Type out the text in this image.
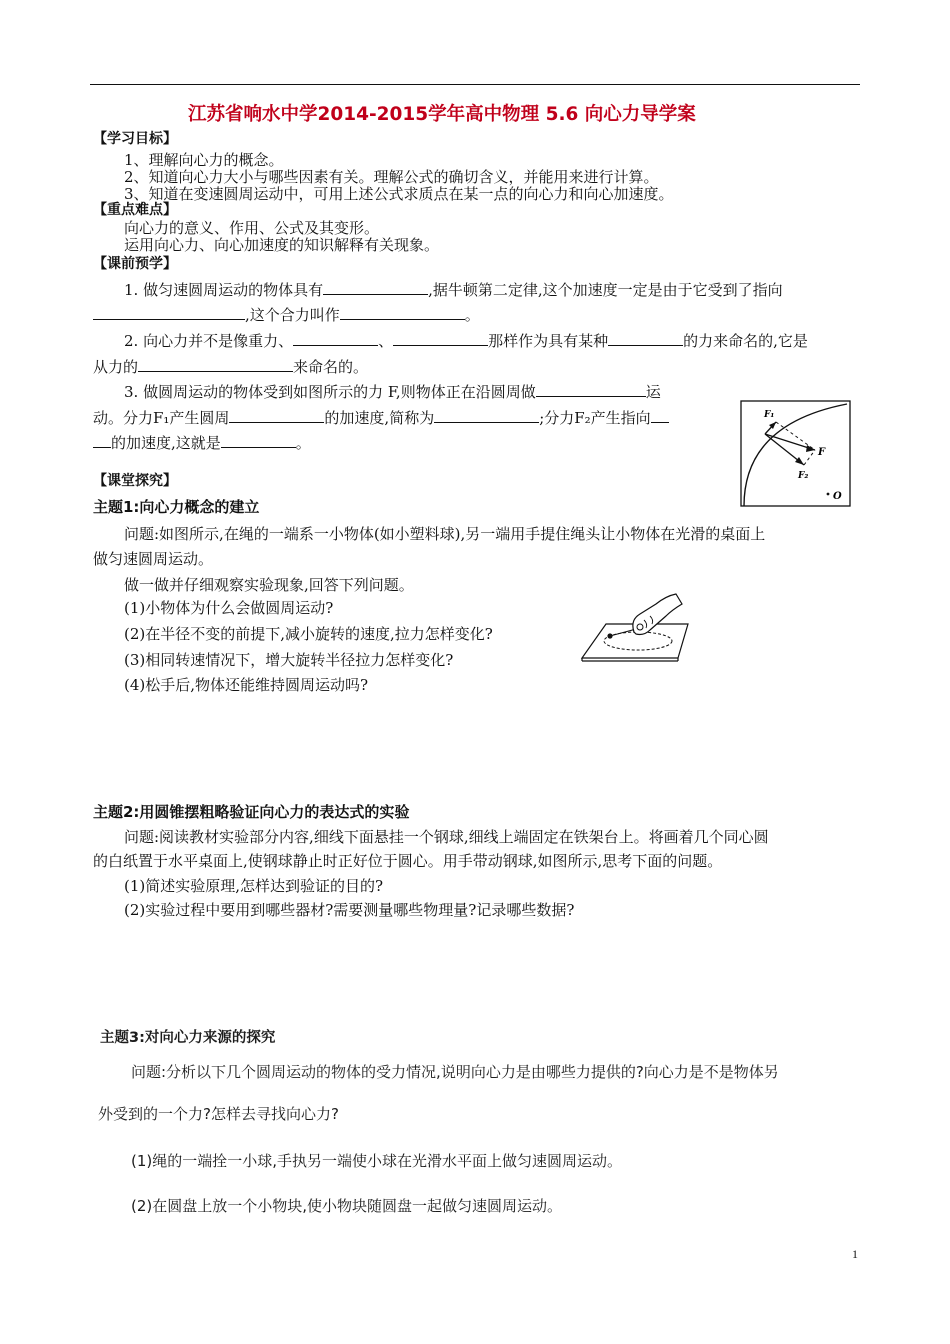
江苏省响水中学2014-2015学年高中物理 5.6 向心力导学案
【学习目标】
1、理解向心力的概念。
2、知道向心力大小与哪些因素有关。理解公式的确切含义，并能用来进行计算。
3、知道在变速圆周运动中，可用上述公式求质点在某一点的向心力和向心加速度。
【重点难点】
向心力的意义、作用、公式及其变形。
运用向心力、向心加速度的知识解释有关现象。
【课前预学】
1. 做匀速圆周运动的物体具有	,据牛顿第二定律,这个加速度一定是由于它受到了指向
,这个合力叫作	。
2. 向心力并不是像重力、	、	那样作为具有某种	的力来命名的,它是
从力的	来命名的。
3. 做圆周运动的物体受到如图所示的力 F,则物体正在沿圆周做	运
动。分力F₁产生圆周	的加速度,简称为	;分力F₂产生指向
的加速度,这就是	。
F₁
F
F₂
O
【课堂探究】
主题1:向心力概念的建立
问题:如图所示,在绳的一端系一小物体(如小塑料球),另一端用手提住绳头让小物体在光滑的桌面上
做匀速圆周运动。
做一做并仔细观察实验现象,回答下列问题。
(1)小物体为什么会做圆周运动?
(2)在半径不变的前提下,减小旋转的速度,拉力怎样变化?
(3)相同转速情况下，增大旋转半径拉力怎样变化?
(4)松手后,物体还能维持圆周运动吗?
主题2:用圆锥摆粗略验证向心力的表达式的实验
问题:阅读教材实验部分内容,细线下面悬挂一个钢球,细线上端固定在铁架台上。将画着几个同心圆
的白纸置于水平桌面上,使钢球静止时正好位于圆心。用手带动钢球,如图所示,思考下面的问题。
(1)简述实验原理,怎样达到验证的目的?
(2)实验过程中要用到哪些器材?需要测量哪些物理量?记录哪些数据?
主题3:对向心力来源的探究
问题:分析以下几个圆周运动的物体的受力情况,说明向心力是由哪些力提供的?向心力是不是物体另
外受到的一个力?怎样去寻找向心力?
(1)绳的一端拴一小球,手执另一端使小球在光滑水平面上做匀速圆周运动。
(2)在圆盘上放一个小物块,使小物块随圆盘一起做匀速圆周运动。
1
